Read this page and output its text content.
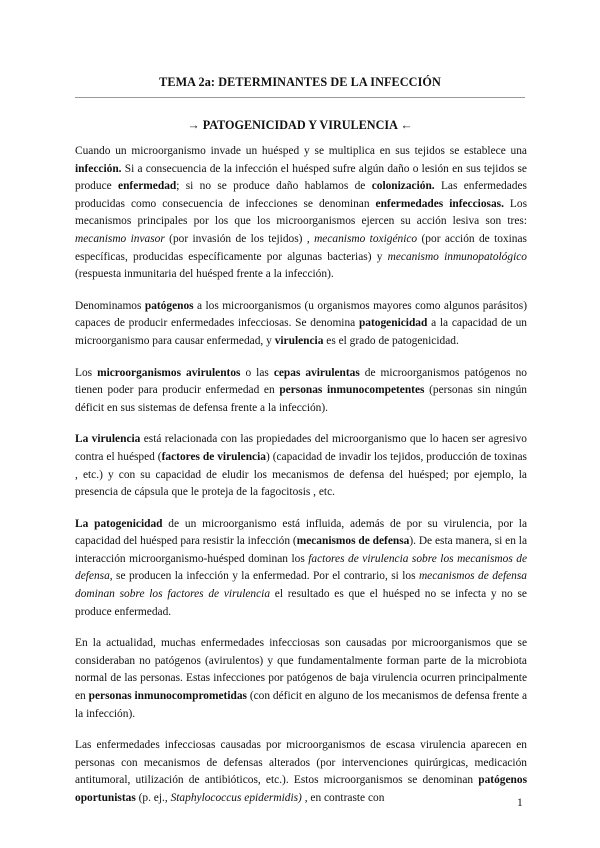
TEMA 2a: DETERMINANTES DE LA INFECCIÓN
→ PATOGENICIDAD Y VIRULENCIA ←

Cuando un microorganismo invade un huésped y se multiplica en sus tejidos se establece una infección. Si a consecuencia de la infección el huésped sufre algún daño o lesión en sus tejidos se produce enfermedad; si no se produce daño hablamos de colonización. Las enfermedades producidas como consecuencia de infecciones se denominan enfermedades infecciosas. Los mecanismos principales por los que los microorganismos ejercen su acción lesiva son tres: mecanismo invasor (por invasión de los tejidos) , mecanismo toxigénico (por acción de toxinas específicas, producidas específicamente por algunas bacterias) y mecanismo inmunopatológico (respuesta inmunitaria del huésped frente a la infección).

Denominamos patógenos a los microorganismos (u organismos mayores como algunos parásitos) capaces de producir enfermedades infecciosas. Se denomina patogenicidad a la capacidad de un microorganismo para causar enfermedad, y virulencia es el grado de patogenicidad.

Los microorganismos avirulentos o las cepas avirulentas de microorganismos patógenos no tienen poder para producir enfermedad en personas inmunocompetentes (personas sin ningún déficit en sus sistemas de defensa frente a la infección).

La virulencia está relacionada con las propiedades del microorganismo que lo hacen ser agresivo contra el huésped (factores de virulencia) (capacidad de invadir los tejidos, producción de toxinas , etc.) y con su capacidad de eludir los mecanismos de defensa del huésped; por ejemplo, la presencia de cápsula que le proteja de la fagocitosis , etc.

La patogenicidad de un microorganismo está influida, además de por su virulencia, por la capacidad del huésped para resistir la infección (mecanismos de defensa). De esta manera, si en la interacción microorganismo-huésped dominan los factores de virulencia sobre los mecanismos de defensa, se producen la infección y la enfermedad. Por el contrario, si los mecanismos de defensa dominan sobre los factores de virulencia el resultado es que el huésped no se infecta y no se produce enfermedad.

En la actualidad, muchas enfermedades infecciosas son causadas por microorganismos que se consideraban no patógenos (avirulentos) y que fundamentalmente forman parte de la microbiota normal de las personas. Estas infecciones por patógenos de baja virulencia ocurren principalmente en personas inmunocomprometidas (con déficit en alguno de los mecanismos de defensa frente a la infección).

Las enfermedades infecciosas causadas por microorganismos de escasa virulencia aparecen en personas con mecanismos de defensas alterados (por intervenciones quirúrgicas, medicación antitumoral, utilización de antibióticos, etc.). Estos microorganismos se denominan patógenos oportunistas (p. ej., Staphylococcus epidermidis) , en contraste con	1
